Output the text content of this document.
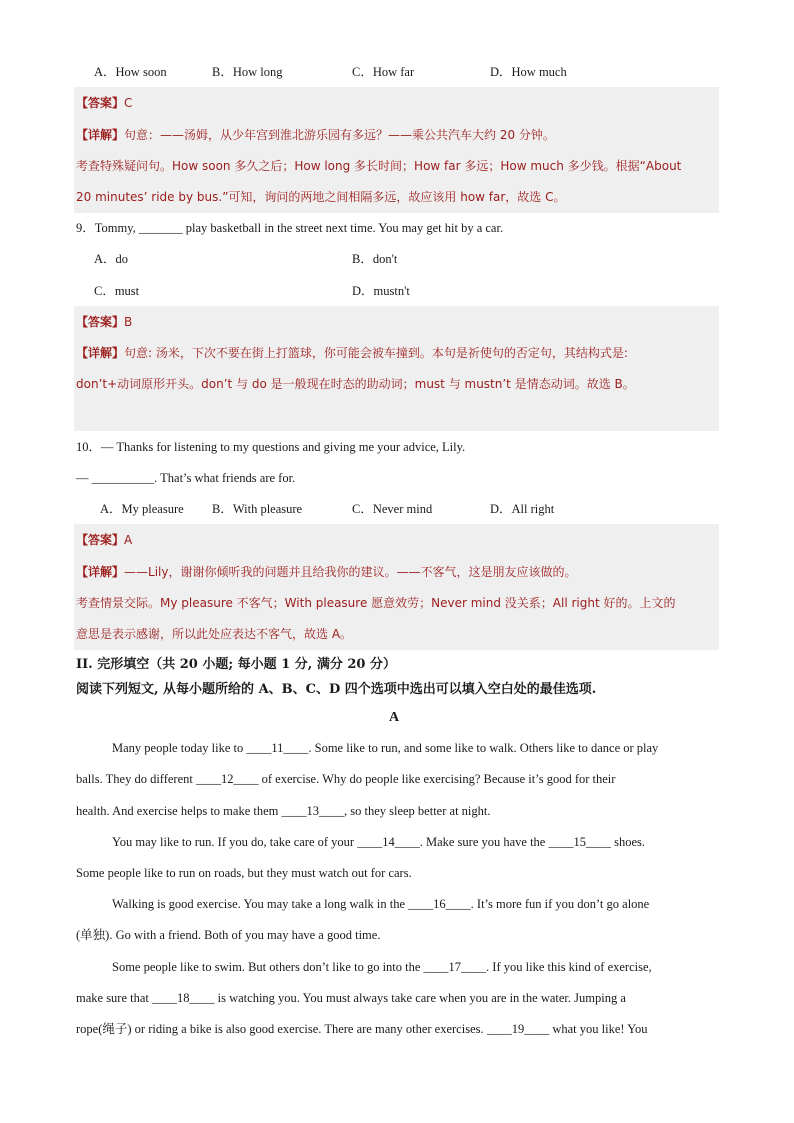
A．How soon	B．How long	C．How far	D．How much
【答案】C
【详解】句意：——汤姆，从少年宫到淮北游乐园有多远？——乘公共汽车大约 20 分钟。
考查特殊疑问句。How soon 多久之后；How long 多长时间；How far 多远；How much 多少钱。根据“About
20 minutes’ ride by bus.”可知，询问的两地之间相隔多远，故应该用 how far，故选 C。
9．Tommy, _______ play basketball in the street next time. You may get hit by a car.
A．do	B．don't
C．must	D．mustn't
【答案】B
【详解】句意: 汤米，下次不要在街上打篮球，你可能会被车撞到。本句是祈使句的否定句，其结构式是:
don’t+动词原形开头。don’t 与 do 是一般现在时态的助动词；must 与 mustn’t 是情态动词。故选 B。
10．— Thanks for listening to my questions and giving me your advice, Lily.
— __________. That’s what friends are for.
A．My pleasure B．With pleasure	C．Never mind	D．All right
【答案】A
【详解】——Lily，谢谢你倾听我的问题并且给我你的建议。——不客气，这是朋友应该做的。
考查情景交际。My pleasure 不客气；With pleasure 愿意效劳；Never mind 没关系；All right 好的。上文的
意思是表示感谢，所以此处应表达不客气，故选 A。
II. 完形填空（共 20 小题; 每小题 1 分, 满分 20 分）
阅读下列短文, 从每小题所给的 A、B、C、D 四个选项中选出可以填入空白处的最佳选项.
A
Many people today like to ____11____. Some like to run, and some like to walk. Others like to dance or play
balls. They do different ____12____ of exercise. Why do people like exercising? Because it’s good for their
health. And exercise helps to make them ____13____, so they sleep better at night.
You may like to run. If you do, take care of your ____14____. Make sure you have the ____15____ shoes.
Some people like to run on roads, but they must watch out for cars.
Walking is good exercise. You may take a long walk in the ____16____. It’s more fun if you don’t go alone
(单独). Go with a friend. Both of you may have a good time.
Some people like to swim. But others don’t like to go into the ____17____. If you like this kind of exercise,
make sure that ____18____ is watching you. You must always take care when you are in the water. Jumping a
rope(绳子) or riding a bike is also good exercise. There are many other exercises. ____19____ what you like! You
